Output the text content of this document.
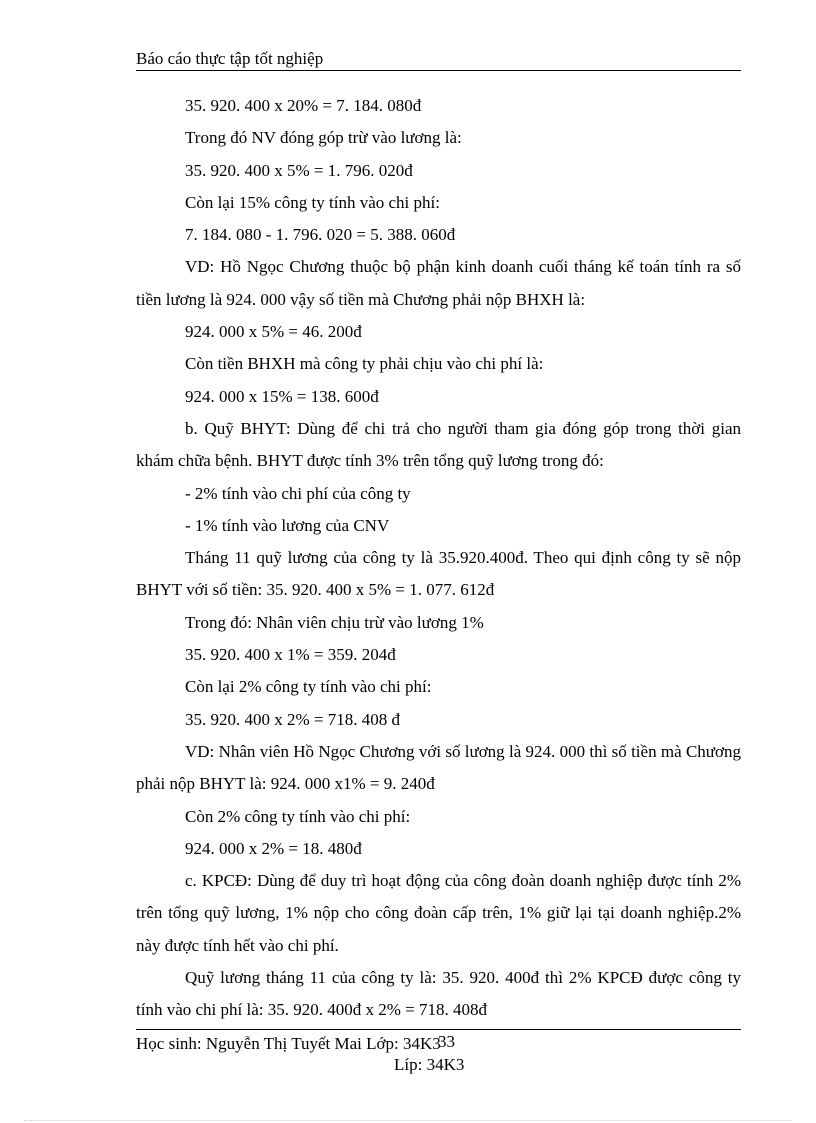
Báo cáo thực tập tốt nghiệp

35. 920. 400 x 20% = 7. 184. 080đ

Trong đó NV đóng góp trừ vào lương là:

35. 920. 400 x 5% = 1. 796. 020đ

Còn lại 15% công ty tính vào chi phí:

7. 184. 080 - 1. 796. 020 = 5. 388. 060đ

VD: Hồ Ngọc Chương thuộc bộ phận kinh doanh cuối tháng kế toán tính ra số tiền lương là 924. 000 vậy số tiền mà Chương phải nộp BHXH là:

924. 000 x 5% = 46. 200đ

Còn tiền BHXH mà công ty phải chịu vào chi phí là:

924. 000 x 15% = 138. 600đ

b. Quỹ BHYT: Dùng để chi trả cho người tham gia đóng góp trong thời gian khám chữa bệnh. BHYT được tính 3% trên tổng quỹ lương trong đó:

- 2% tính vào chi phí của công ty

- 1% tính vào lương của CNV

Tháng 11 quỹ lương của công ty là 35.920.400đ. Theo qui định công ty sẽ nộp BHYT với số tiền: 35. 920. 400 x 5% = 1. 077. 612đ

Trong đó: Nhân viên chịu trừ vào lương 1%

35. 920. 400 x 1% = 359. 204đ

Còn lại 2% công ty tính vào chi phí:

35. 920. 400 x 2% = 718. 408 đ

VD: Nhân viên Hồ Ngọc Chương với số lương là 924. 000 thì số tiền mà Chương phải nộp BHYT là: 924. 000 x1% = 9. 240đ

Còn 2% công ty tính vào chi phí:

924. 000 x 2% = 18. 480đ

c. KPCĐ: Dùng để duy trì hoạt động của công đoàn doanh nghiệp được tính 2% trên tổng quỹ lương, 1% nộp cho công đoàn cấp trên, 1% giữ lại tại doanh nghiệp.2% này được tính hết vào chi phí.

Quỹ lương tháng 11 của công ty là: 35. 920. 400đ thì 2% KPCĐ được công ty tính vào chi phí là: 35. 920. 400đ x 2% = 718. 408đ

Học sinh: Nguyễn Thị Tuyết Mai Lớp: 34K3
33
Líp: 34K3
